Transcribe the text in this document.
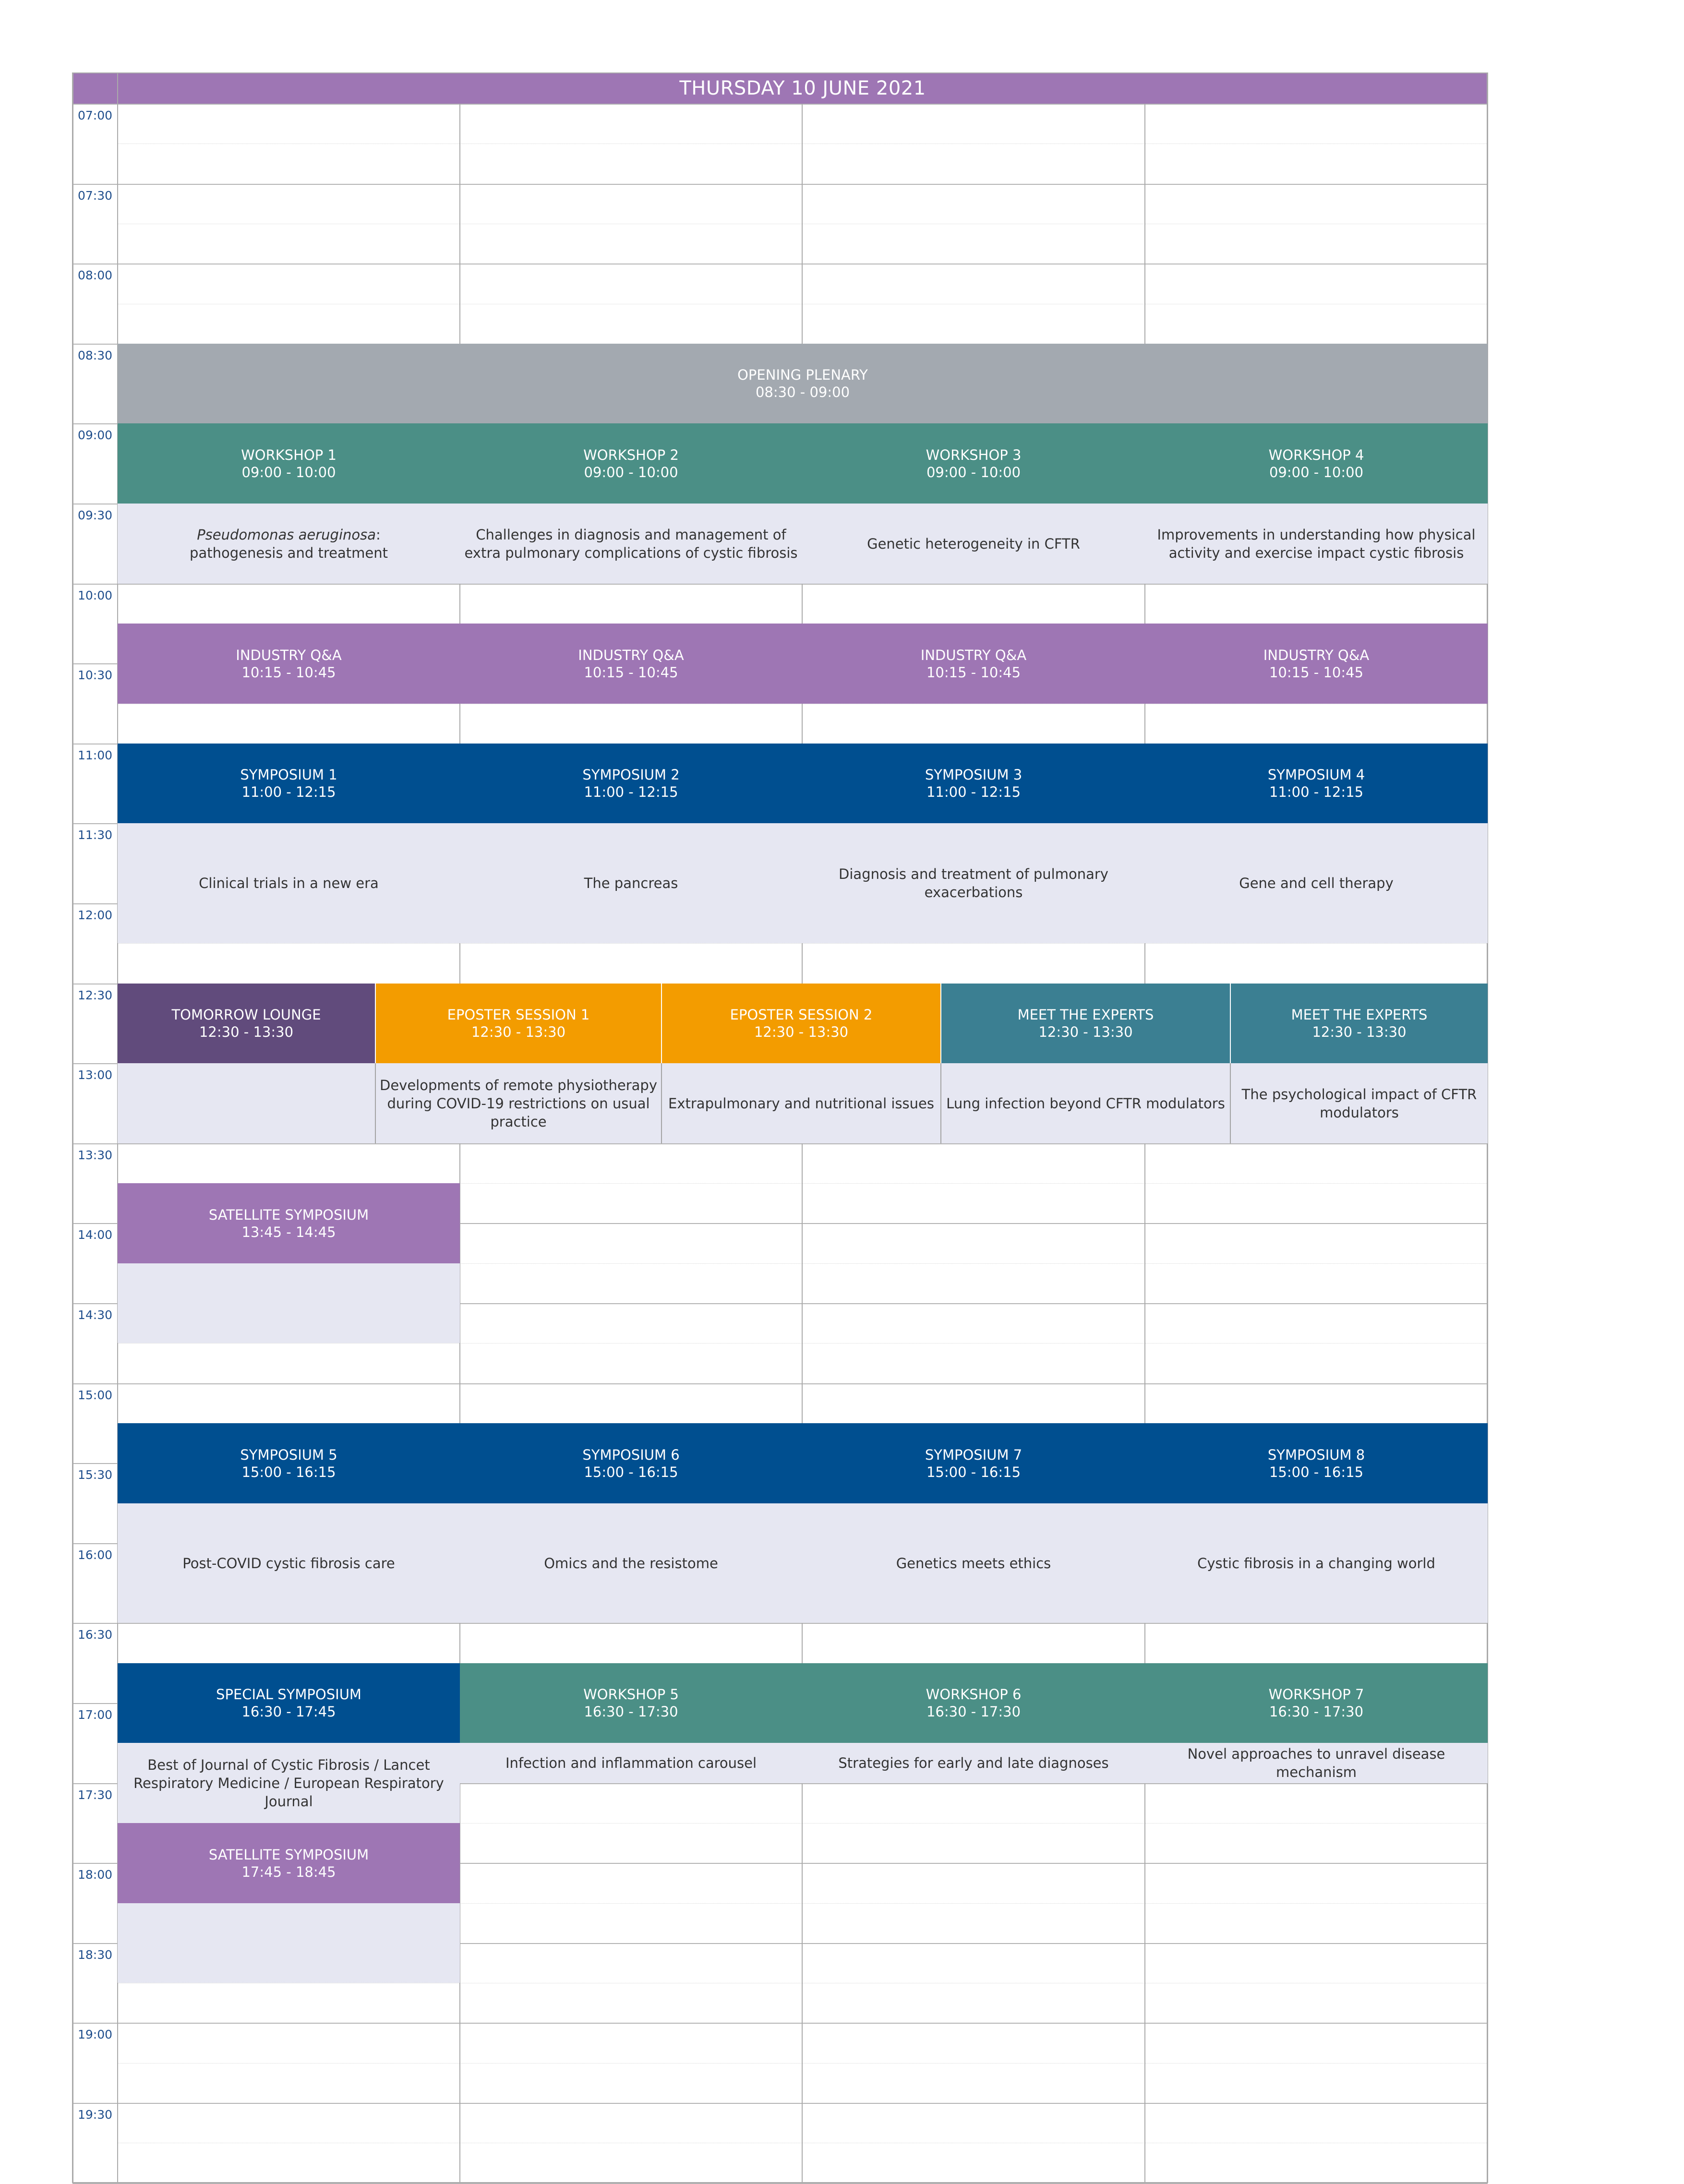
THURSDAY 10 JUNE 2021
07:00
07:30
08:00
08:30
09:00
09:30
10:00
10:30
11:00
11:30
12:00
12:30
13:00
13:30
14:00
14:30
15:00
15:30
16:00
16:30
17:00
17:30
18:00
18:30
19:00
19:30
OPENING PLENARY
08:30 - 09:00
WORKSHOP 1
09:00 - 10:00
Pseudomonas aeruginosa:
pathogenesis and treatment
WORKSHOP 2
09:00 - 10:00
Challenges in diagnosis and management of extra pulmonary complications of cystic fibrosis
WORKSHOP 3
09:00 - 10:00
Genetic heterogeneity in CFTR
WORKSHOP 4
09:00 - 10:00
Improvements in understanding how physical activity and exercise impact cystic fibrosis
INDUSTRY Q&A
10:15 - 10:45
INDUSTRY Q&A
10:15 - 10:45
INDUSTRY Q&A
10:15 - 10:45
INDUSTRY Q&A
10:15 - 10:45
SYMPOSIUM 1
11:00 - 12:15
Clinical trials in a new era
SYMPOSIUM 2
11:00 - 12:15
The pancreas
SYMPOSIUM 3
11:00 - 12:15
Diagnosis and treatment of pulmonary exacerbations
SYMPOSIUM 4
11:00 - 12:15
Gene and cell therapy
TOMORROW LOUNGE
12:30 - 13:30
EPOSTER SESSION 1
12:30 - 13:30
Developments of remote physiotherapy during COVID-19 restrictions on usual practice
EPOSTER SESSION 2
12:30 - 13:30
Extrapulmonary and nutritional issues
MEET THE EXPERTS
12:30 - 13:30
Lung infection beyond CFTR modulators
MEET THE EXPERTS
12:30 - 13:30
The psychological impact of CFTR modulators
SATELLITE SYMPOSIUM
13:45 - 14:45
SYMPOSIUM 5
15:00 - 16:15
Post-COVID cystic fibrosis care
SYMPOSIUM 6
15:00 - 16:15
Omics and the resistome
SYMPOSIUM 7
15:00 - 16:15
Genetics meets ethics
SYMPOSIUM 8
15:00 - 16:15
Cystic fibrosis in a changing world
SPECIAL SYMPOSIUM
16:30 - 17:45
Best of Journal of Cystic Fibrosis / Lancet Respiratory Medicine / European Respiratory Journal
WORKSHOP 5
16:30 - 17:30
Infection and inflammation carousel
WORKSHOP 6
16:30 - 17:30
Strategies for early and late diagnoses
WORKSHOP 7
16:30 - 17:30
Novel approaches to unravel disease mechanism
SATELLITE SYMPOSIUM
17:45 - 18:45
